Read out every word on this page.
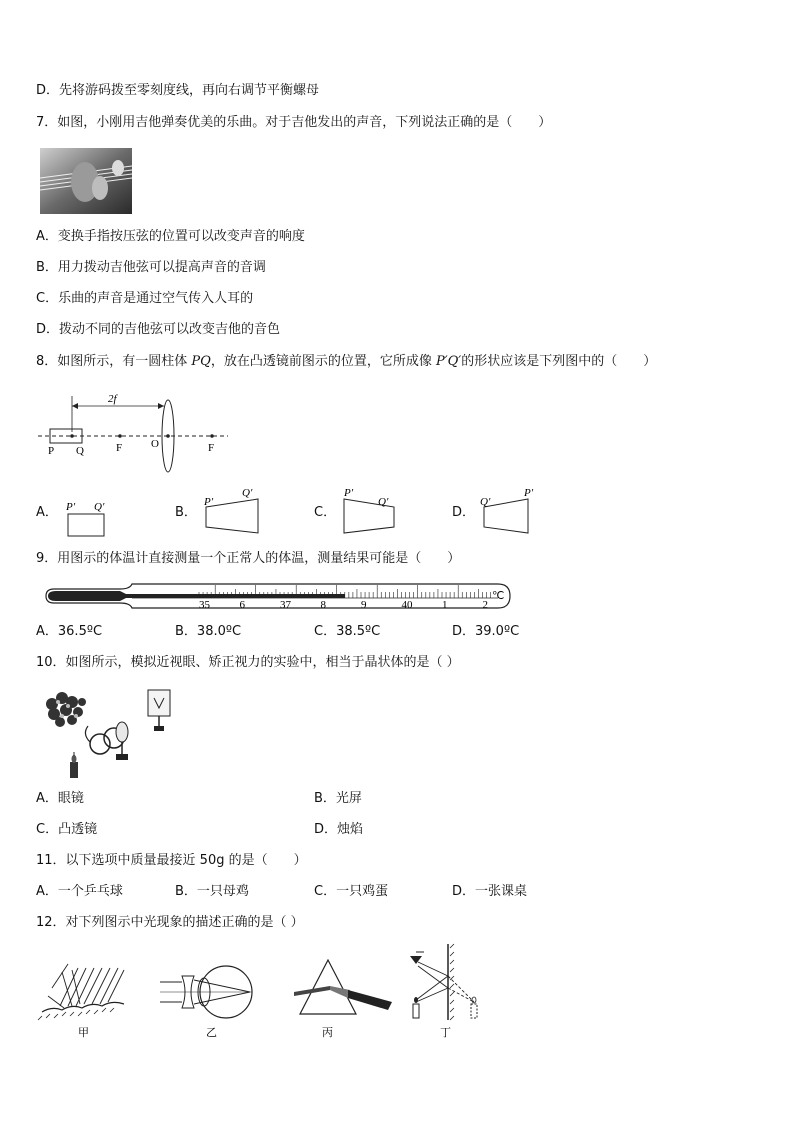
D．先将游码拨至零刻度线，再向右调节平衡螺母
7．如图，小刚用吉他弹奏优美的乐曲。对于吉他发出的声音，下列说法正确的是（　　）
A．变换手指按压弦的位置可以改变声音的响度
B．用力拨动吉他弦可以提高声音的音调
C．乐曲的声音是通过空气传入人耳的
D．拨动不同的吉他弦可以改变吉他的音色
8．如图所示，有一圆柱体 PQ，放在凸透镜前图示的位置，它所成像 P′Q′的形状应该是下列图中的（　　）
2f
P Q	F	O	F
A． P′ Q′	B．
P′
Q′
C．
P′
Q′
D．
Q′
P′
9．用图示的体温计直接测量一个正常人的体温，测量结果可能是（　　）
35	6	37	8	9	40	1	2
℃
A．36.5ºC	B．38.0ºC	C．38.5ºC	D．39.0ºC
10．如图所示，模拟近视眼、矫正视力的实验中，相当于晶状体的是（ ）
A．眼镜	B．光屏
C．凸透镜	D．烛焰
11．以下选项中质量最接近 50g 的是（　　）
A．一个乒乓球	B．一只母鸡	C．一只鸡蛋	D．一张课桌
12．对下列图示中光现象的描述正确的是（ ）
甲	乙	丙	丁
